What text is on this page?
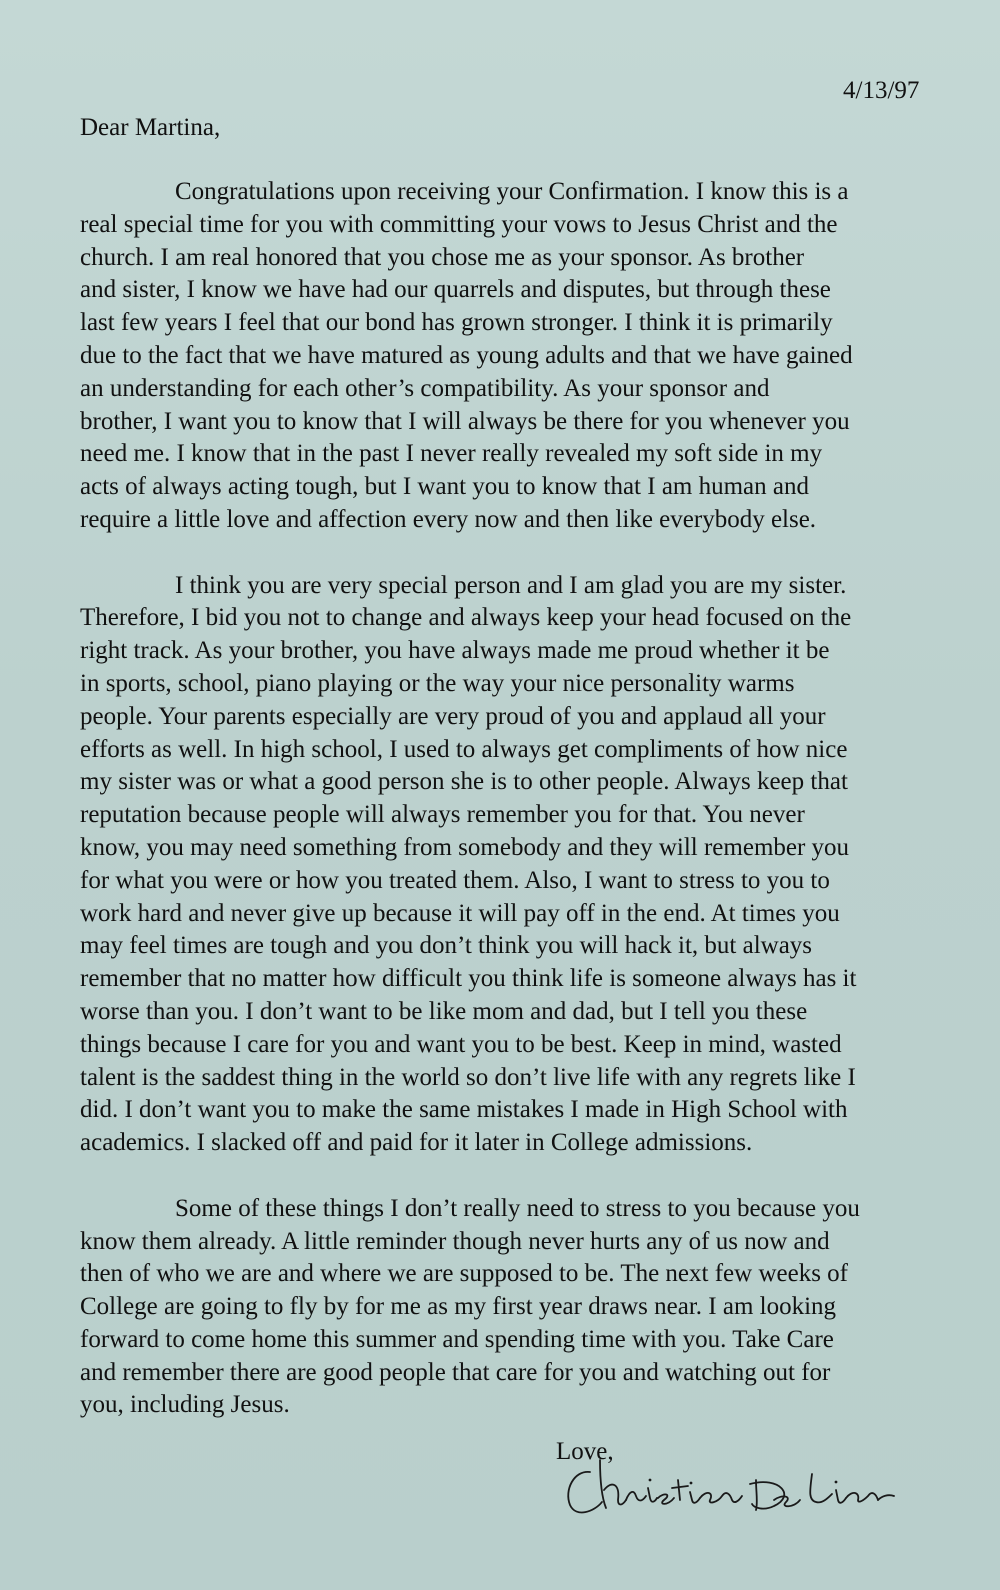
4/13/97
Dear Martina,
Congratulations upon receiving your Confirmation. I know this is a
real special time for you with committing your vows to Jesus Christ and the
church. I am real honored that you chose me as your sponsor. As brother
and sister, I know we have had our quarrels and disputes, but through these
last few years I feel that our bond has grown stronger. I think it is primarily
due to the fact that we have matured as young adults and that we have gained
an understanding for each other’s compatibility. As your sponsor and
brother, I want you to know that I will always be there for you whenever you
need me. I know that in the past I never really revealed my soft side in my
acts of always acting tough, but I want you to know that I am human and
require a little love and affection every now and then like everybody else.
I think you are very special person and I am glad you are my sister.
Therefore, I bid you not to change and always keep your head focused on the
right track. As your brother, you have always made me proud whether it be
in sports, school, piano playing or the way your nice personality warms
people. Your parents especially are very proud of you and applaud all your
efforts as well. In high school, I used to always get compliments of how nice
my sister was or what a good person she is to other people. Always keep that
reputation because people will always remember you for that. You never
know, you may need something from somebody and they will remember you
for what you were or how you treated them. Also, I want to stress to you to
work hard and never give up because it will pay off in the end. At times you
may feel times are tough and you don’t think you will hack it, but always
remember that no matter how difficult you think life is someone always has it
worse than you. I don’t want to be like mom and dad, but I tell you these
things because I care for you and want you to be best. Keep in mind, wasted
talent is the saddest thing in the world so don’t live life with any regrets like I
did. I don’t want you to make the same mistakes I made in High School with
academics. I slacked off and paid for it later in College admissions.
Some of these things I don’t really need to stress to you because you
know them already. A little reminder though never hurts any of us now and
then of who we are and where we are supposed to be. The next few weeks of
College are going to fly by for me as my first year draws near. I am looking
forward to come home this summer and spending time with you. Take Care
and remember there are good people that care for you and watching out for
you, including Jesus.
Love,
